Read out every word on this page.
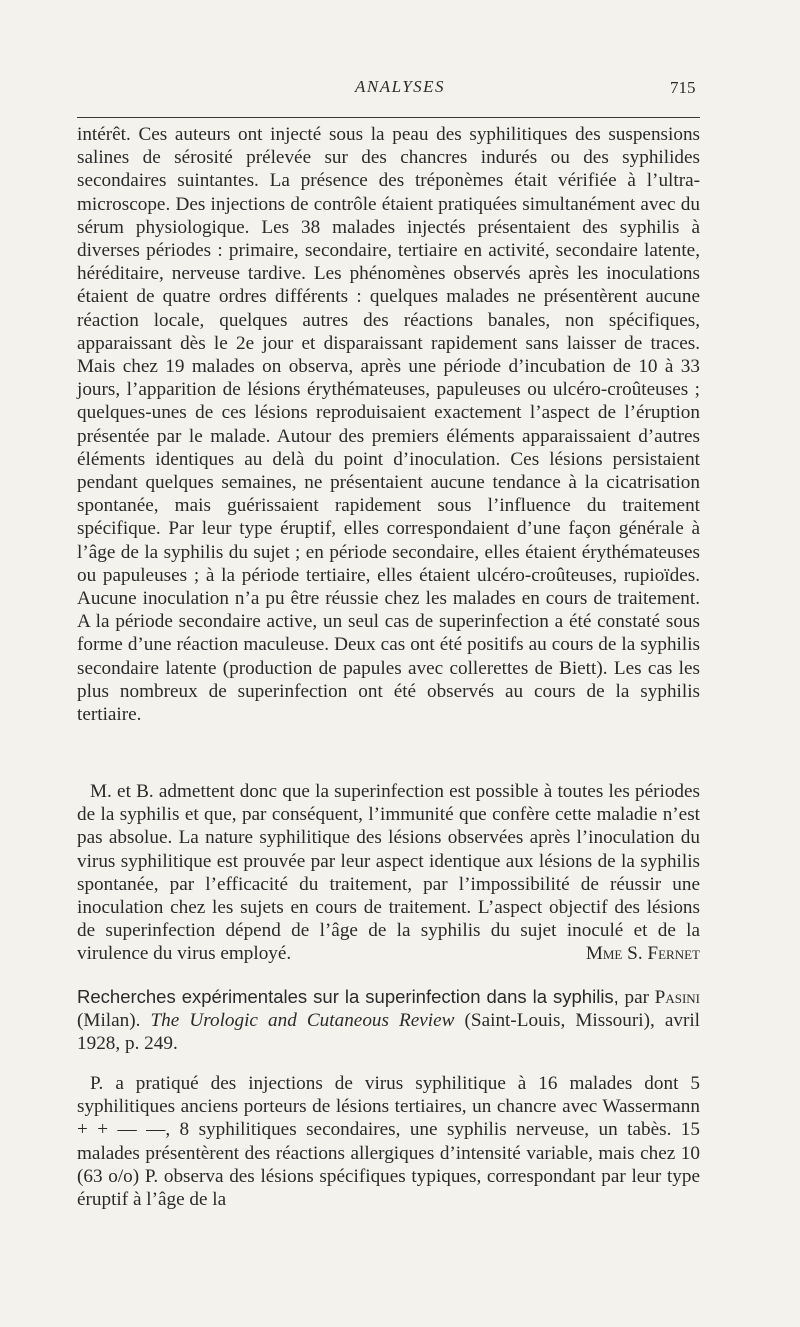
ANALYSES	715

intérêt. Ces auteurs ont injecté sous la peau des syphilitiques des suspensions salines de sérosité prélevée sur des chancres indurés ou des syphilides secondaires suintantes. La présence des tréponèmes était vérifiée à l’ultra-microscope. Des injections de contrôle étaient pratiquées simultanément avec du sérum physiologique. Les 38 malades injectés présentaient des syphilis à diverses périodes : primaire, secondaire, tertiaire en activité, secondaire latente, héréditaire, nerveuse tardive. Les phénomènes observés après les inoculations étaient de quatre ordres différents : quelques malades ne présentèrent aucune réaction locale, quelques autres des réactions banales, non spécifiques, apparaissant dès le 2e jour et disparaissant rapidement sans laisser de traces. Mais chez 19 malades on observa, après une période d’incubation de 10 à 33 jours, l’apparition de lésions érythémateuses, papuleuses ou ulcéro-croûteuses ; quelques-unes de ces lésions reproduisaient exactement l’aspect de l’éruption présentée par le malade. Autour des premiers éléments apparaissaient d’autres éléments identiques au delà du point d’inoculation. Ces lésions persistaient pendant quelques semaines, ne présentaient aucune tendance à la cicatrisation spontanée, mais guérissaient rapidement sous l’influence du traitement spécifique. Par leur type éruptif, elles correspondaient d’une façon générale à l’âge de la syphilis du sujet ; en période secondaire, elles étaient érythémateuses ou papuleuses ; à la période tertiaire, elles étaient ulcéro-croûteuses, rupioïdes. Aucune inoculation n’a pu être réussie chez les malades en cours de traitement. A la période secondaire active, un seul cas de superinfection a été constaté sous forme d’une réaction maculeuse. Deux cas ont été positifs au cours de la syphilis secondaire latente (production de papules avec collerettes de Biett). Les cas les plus nombreux de superinfection ont été observés au cours de la syphilis tertiaire.

M. et B. admettent donc que la superinfection est possible à toutes les périodes de la syphilis et que, par conséquent, l’immunité que confère cette maladie n’est pas absolue. La nature syphilitique des lésions observées après l’inoculation du virus syphilitique est prouvée par leur aspect identique aux lésions de la syphilis spontanée, par l’efficacité du traitement, par l’impossibilité de réussir une inoculation chez les sujets en cours de traitement. L’aspect objectif des lésions de superinfection dépend de l’âge de la syphilis du sujet inoculé et de la virulence du virus employé.	Mme S. Fernet

Recherches expérimentales sur la superinfection dans la syphilis, par Pasini (Milan). The Urologic and Cutaneous Review (Saint-Louis, Missouri), avril 1928, p. 249.

P. a pratiqué des injections de virus syphilitique à 16 malades dont 5 syphilitiques anciens porteurs de lésions tertiaires, un chancre avec Wassermann + + — —, 8 syphilitiques secondaires, une syphilis nerveuse, un tabès. 15 malades présentèrent des réactions allergiques d’intensité variable, mais chez 10 (63 o/o) P. observa des lésions spécifiques typiques, correspondant par leur type éruptif à l’âge de la
